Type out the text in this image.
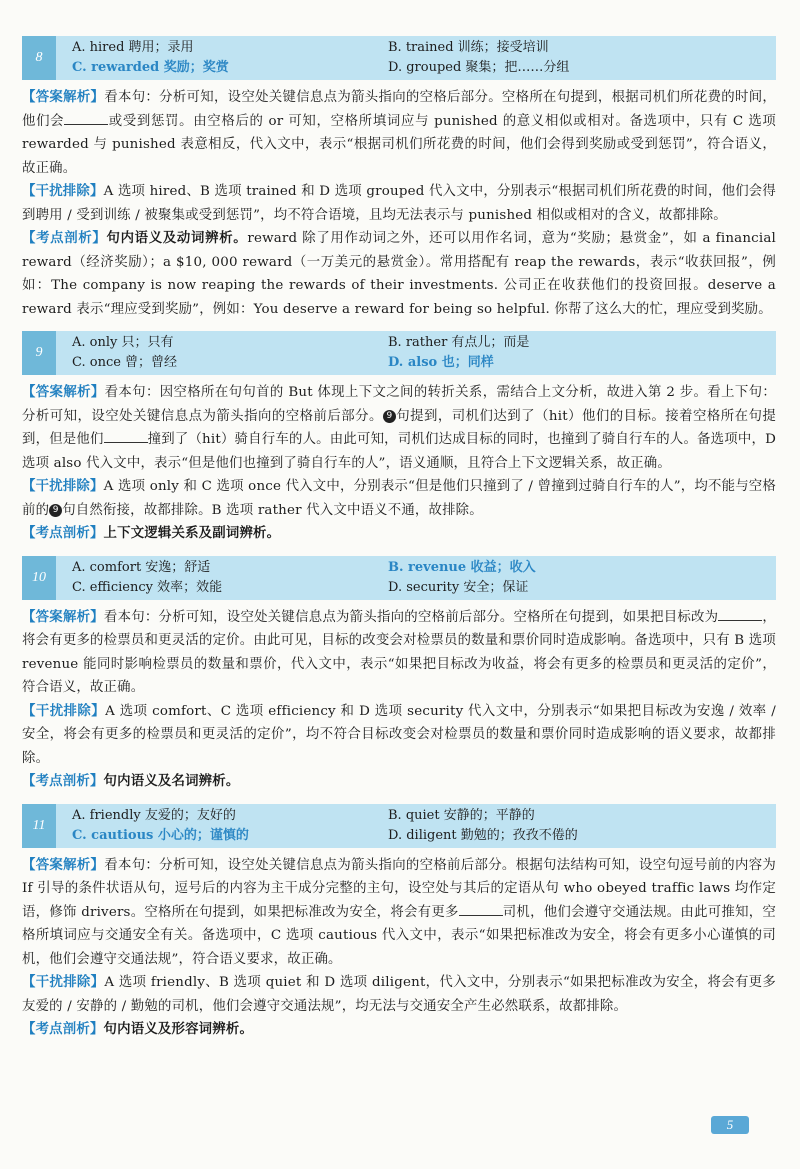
8
A. hired 聘用；录用	B. trained 训练；接受培训
C. rewarded 奖励；奖赏	D. grouped 聚集；把……分组

【答案解析】看本句：分析可知，设空处关键信息点为箭头指向的空格后部分。空格所在句提到，根据司机们所花费的时间，他们会	或受到惩罚。由空格后的 or 可知，空格所填词应与 punished 的意义相似或相对。备选项中，只有 C 选项 rewarded 与 punished 表意相反，代入文中，表示“根据司机们所花费的时间，他们会得到奖励或受到惩罚”，符合语义，故正确。

【干扰排除】A 选项 hired、B 选项 trained 和 D 选项 grouped 代入文中，分别表示“根据司机们所花费的时间，他们会得到聘用 / 受到训练 / 被聚集或受到惩罚”，均不符合语境，且均无法表示与 punished 相似或相对的含义，故都排除。

【考点剖析】句内语义及动词辨析。reward 除了用作动词之外，还可以用作名词，意为“奖励；悬赏金”，如 a financial reward（经济奖励）；a $10, 000 reward（一万美元的悬赏金）。常用搭配有 reap the rewards，表示“收获回报”，例如：The company is now reaping the rewards of their investments. 公司正在收获他们的投资回报。deserve a reward 表示“理应受到奖励”，例如：You deserve a reward for being so helpful. 你帮了这么大的忙，理应受到奖励。

9
A. only 只；只有	B. rather 有点儿；而是
C. once 曾；曾经	D. also 也；同样

【答案解析】看本句：因空格所在句句首的 But 体现上下文之间的转折关系，需结合上文分析，故进入第 2 步。看上下句：分析可知，设空处关键信息点为箭头指向的空格前后部分。 9 句提到，司机们达到了（hit）他们的目标。接着空格所在句提到，但是他们	撞到了（hit）骑自行车的人。由此可知，司机们达成目标的同时，也撞到了骑自行车的人。备选项中，D 选项 also 代入文中，表示“但是他们也撞到了骑自行车的人”，语义通顺，且符合上下文逻辑关系，故正确。

【干扰排除】A 选项 only 和 C 选项 once 代入文中，分别表示“但是他们只撞到了 / 曾撞到过骑自行车的人”，均不能与空格前的 9 句自然衔接，故都排除。B 选项 rather 代入文中语义不通，故排除。

【考点剖析】上下文逻辑关系及副词辨析。

10
A. comfort 安逸；舒适	B. revenue 收益；收入
C. efficiency 效率；效能	D. security 安全；保证

【答案解析】看本句：分析可知，设空处关键信息点为箭头指向的空格前后部分。空格所在句提到，如果把目标改为	，将会有更多的检票员和更灵活的定价。由此可见，目标的改变会对检票员的数量和票价同时造成影响。备选项中，只有 B 选项 revenue 能同时影响检票员的数量和票价，代入文中，表示“如果把目标改为收益，将会有更多的检票员和更灵活的定价”，符合语义，故正确。

【干扰排除】A 选项 comfort、C 选项 efficiency 和 D 选项 security 代入文中，分别表示“如果把目标改为安逸 / 效率 / 安全，将会有更多的检票员和更灵活的定价”，均不符合目标改变会对检票员的数量和票价同时造成影响的语义要求，故都排除。

【考点剖析】句内语义及名词辨析。

11
A. friendly 友爱的；友好的	B. quiet 安静的；平静的
C. cautious 小心的；谨慎的	D. diligent 勤勉的；孜孜不倦的

【答案解析】看本句：分析可知，设空处关键信息点为箭头指向的空格前后部分。根据句法结构可知，设空句逗号前的内容为 If 引导的条件状语从句，逗号后的内容为主干成分完整的主句，设空处与其后的定语从句 who obeyed traffic laws 均作定语，修饰 drivers。空格所在句提到，如果把标准改为安全，将会有更多	司机，他们会遵守交通法规。由此可推知，空格所填词应与交通安全有关。备选项中，C 选项 cautious 代入文中，表示“如果把标准改为安全，将会有更多小心谨慎的司机，他们会遵守交通法规”，符合语义要求，故正确。

【干扰排除】A 选项 friendly、B 选项 quiet 和 D 选项 diligent，代入文中，分别表示“如果把标准改为安全，将会有更多友爱的 / 安静的 / 勤勉的司机，他们会遵守交通法规”，均无法与交通安全产生必然联系，故都排除。

【考点剖析】句内语义及形容词辨析。

5
